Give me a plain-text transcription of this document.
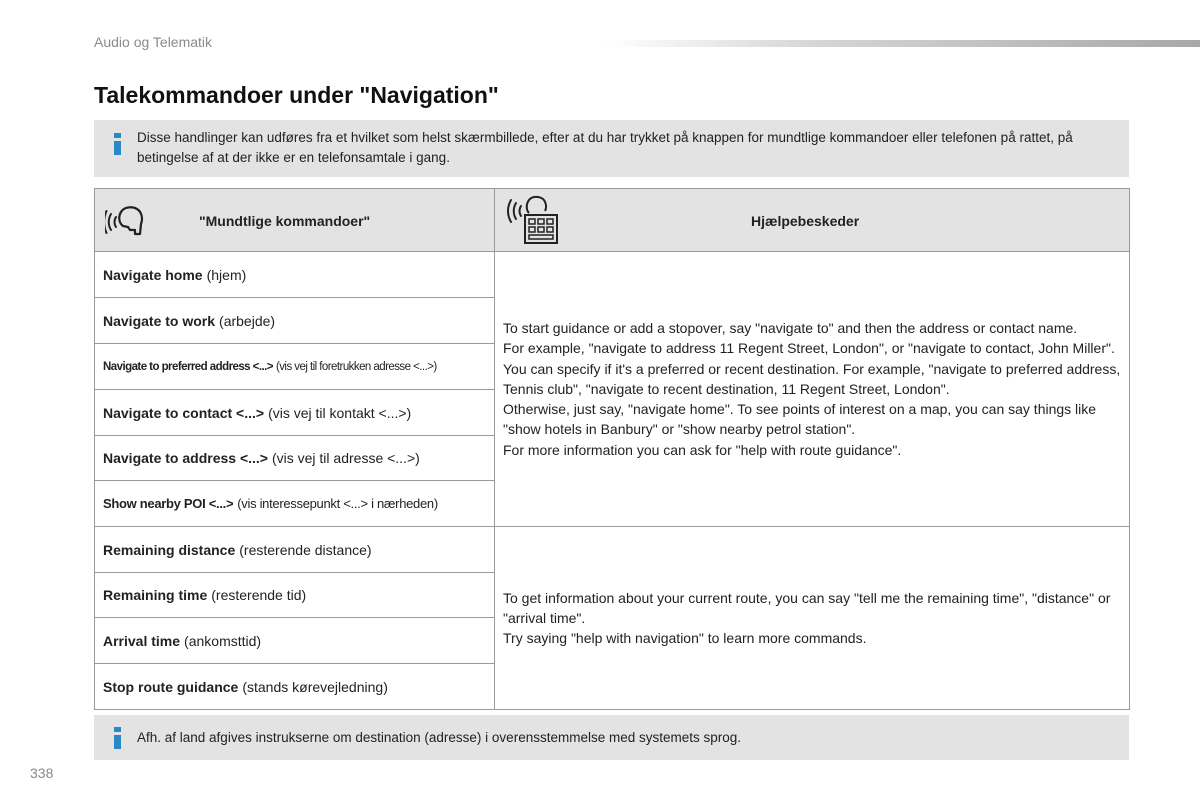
Audio og Telematik
Talekommandoer under "Navigation"
Disse handlinger kan udføres fra et hvilket som helst skærmbillede, efter at du har trykket på knappen for mundtlige kommandoer eller telefonen på rattet, på betingelse af at der ikke er en telefonsamtale i gang.
"Mundtlige kommandoer"	Hjælpebeskeder
Navigate home (hjem)
Navigate to work (arbejde)
Navigate to preferred address <...> (vis vej til foretrukken adresse <...>)
Navigate to contact <...> (vis vej til kontakt <...>)
Navigate to address <...> (vis vej til adresse <...>)
Show nearby POI <...> (vis interessepunkt <...> i nærheden)
Remaining distance (resterende distance)
Remaining time (resterende tid)
Arrival time (ankomsttid)
Stop route guidance (stands kørevejledning)

To start guidance or add a stopover, say "navigate to" and then the address or contact name.
For example, "navigate to address 11 Regent Street, London", or "navigate to contact, John Miller".
You can specify if it's a preferred or recent destination. For example, "navigate to preferred address, Tennis club", "navigate to recent destination, 11 Regent Street, London".
Otherwise, just say, "navigate home". To see points of interest on a map, you can say things like "show hotels in Banbury" or "show nearby petrol station".
For more information you can ask for "help with route guidance".

To get information about your current route, you can say "tell me the remaining time", "distance" or "arrival time".
Try saying "help with navigation" to learn more commands.

Afh. af land afgives instrukserne om destination (adresse) i overensstemmelse med systemets sprog.
338
